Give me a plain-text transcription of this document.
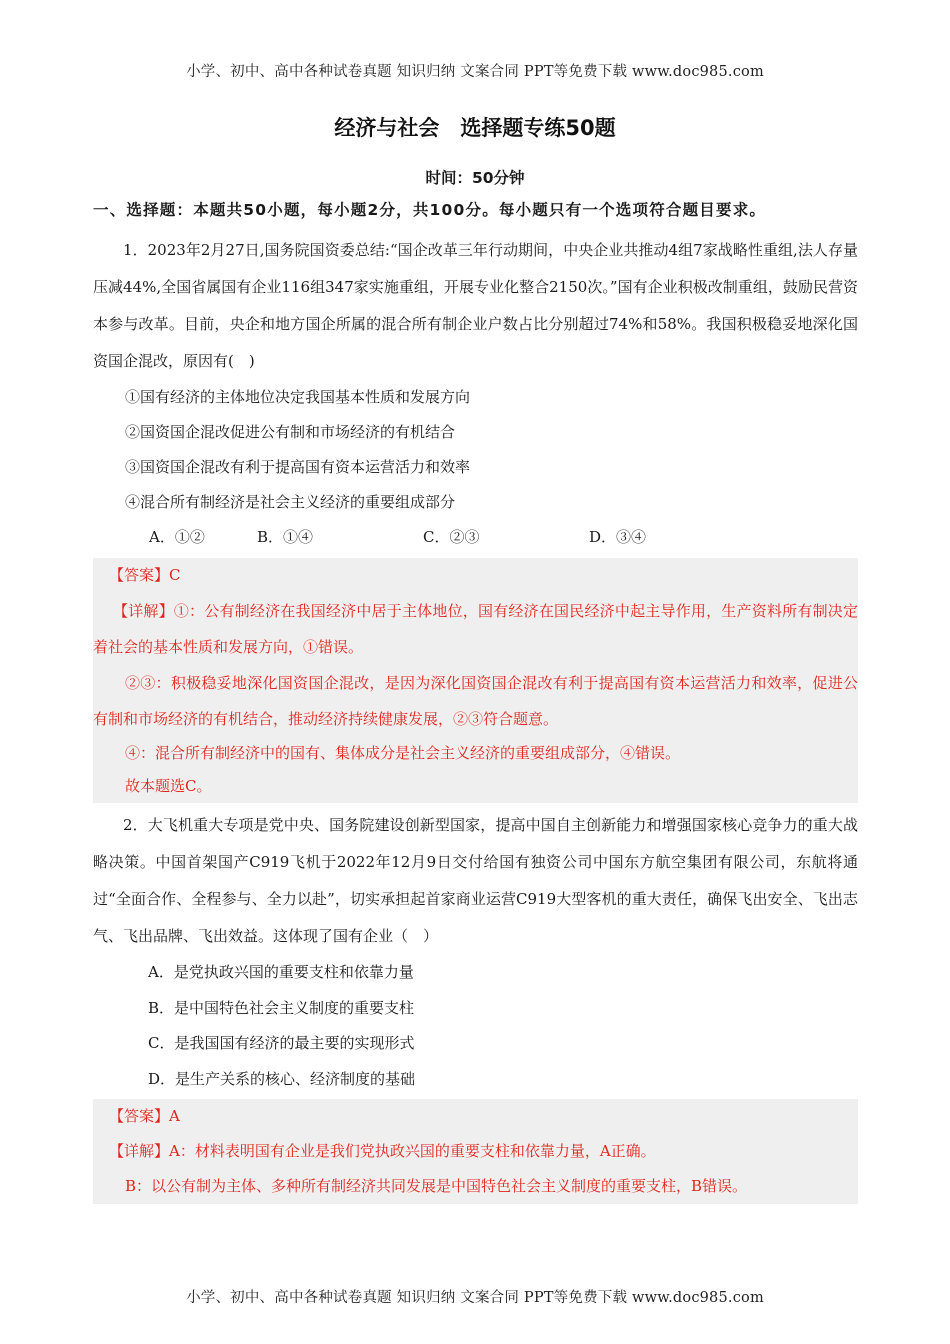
小学、初中、高中各种试卷真题 知识归纳 文案合同 PPT等免费下载 www.doc985.com
经济与社会　选择题专练50题
时间：50分钟

一、选择题：本题共50小题，每小题2分，共100分。每小题只有一个选项符合题目要求。

1．2023年2月27日,国务院国资委总结:“国企改革三年行动期间，中央企业共推动4组7家战略性重组,法人存量压减44%,全国省属国有企业116组347家实施重组，开展专业化整合2150次。”国有企业积极改制重组，鼓励民营资本参与改革。目前，央企和地方国企所属的混合所有制企业户数占比分别超过74%和58%。我国积极稳妥地深化国资国企混改，原因有(　)

①国有经济的主体地位决定我国基本性质和发展方向

②国资国企混改促进公有制和市场经济的有机结合

③国资国企混改有利于提高国有资本运营活力和效率

④混合所有制经济是社会主义经济的重要组成部分

A．①②	B．①④	C．②③	D．③④

【答案】C

【详解】①：公有制经济在我国经济中居于主体地位，国有经济在国民经济中起主导作用，生产资料所有制决定着社会的基本性质和发展方向，①错误。

②③：积极稳妥地深化国资国企混改，是因为深化国资国企混改有利于提高国有资本运营活力和效率，促进公有制和市场经济的有机结合，推动经济持续健康发展，②③符合题意。

④：混合所有制经济中的国有、集体成分是社会主义经济的重要组成部分，④错误。

故本题选C。

2．大飞机重大专项是党中央、国务院建设创新型国家，提高中国自主创新能力和增强国家核心竞争力的重大战略决策。中国首架国产C919飞机于2022年12月9日交付给国有独资公司中国东方航空集团有限公司，东航将通过“全面合作、全程参与、全力以赴”，切实承担起首家商业运营C919大型客机的重大责任，确保飞出安全、飞出志气、飞出品牌、飞出效益。这体现了国有企业（　）

A．是党执政兴国的重要支柱和依靠力量

B．是中国特色社会主义制度的重要支柱

C．是我国国有经济的最主要的实现形式

D．是生产关系的核心、经济制度的基础

【答案】A

【详解】A：材料表明国有企业是我们党执政兴国的重要支柱和依靠力量，A正确。

B：以公有制为主体、多种所有制经济共同发展是中国特色社会主义制度的重要支柱，B错误。

小学、初中、高中各种试卷真题 知识归纳 文案合同 PPT等免费下载 www.doc985.com
